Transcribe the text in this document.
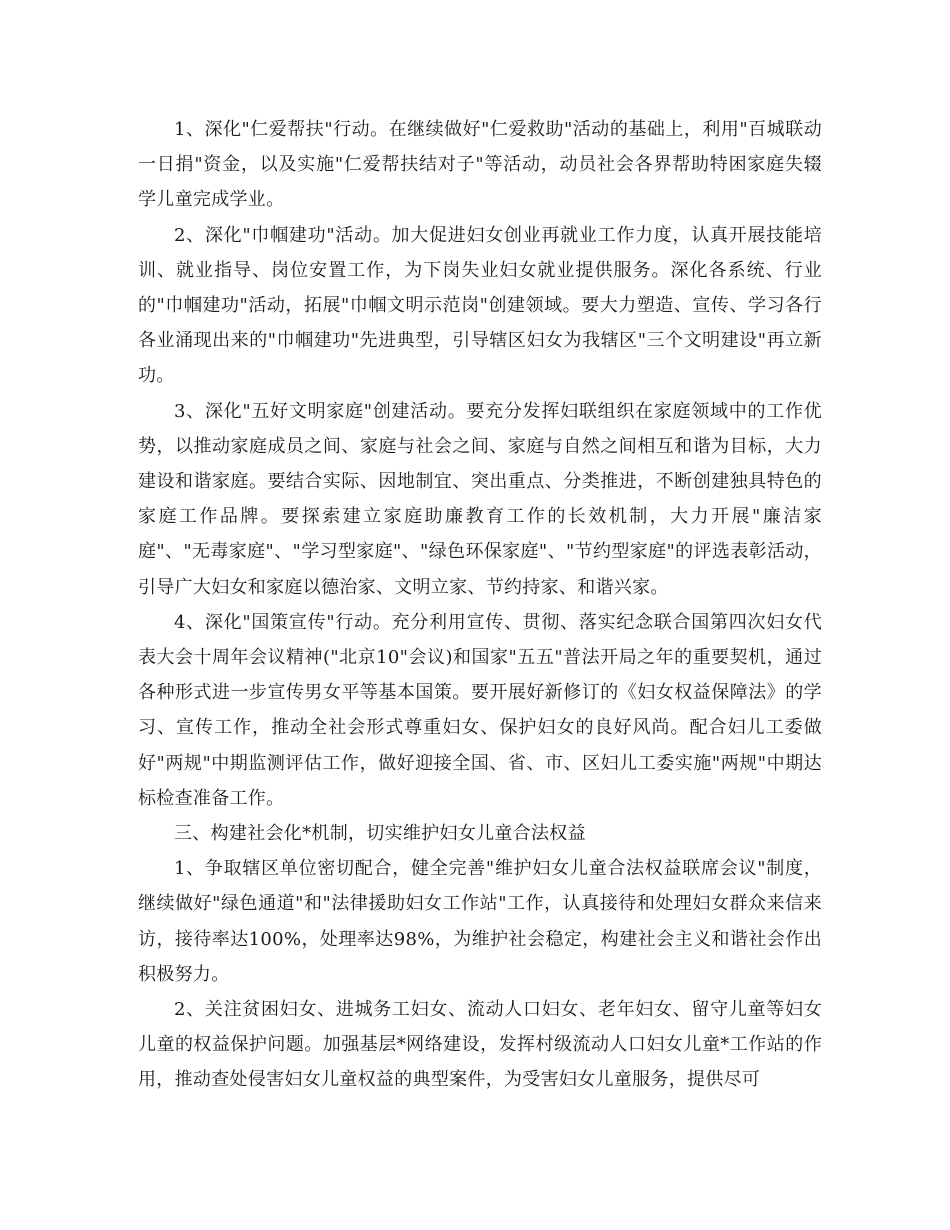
1、深化"仁爱帮扶"行动。在继续做好"仁爱救助"活动的基础上，利用"百城联动一日捐"资金，以及实施"仁爱帮扶结对子"等活动，动员社会各界帮助特困家庭失辍学儿童完成学业。

2、深化"巾帼建功"活动。加大促进妇女创业再就业工作力度，认真开展技能培训、就业指导、岗位安置工作，为下岗失业妇女就业提供服务。深化各系统、行业的"巾帼建功"活动，拓展"巾帼文明示范岗"创建领域。要大力塑造、宣传、学习各行各业涌现出来的"巾帼建功"先进典型，引导辖区妇女为我辖区"三个文明建设"再立新功。

3、深化"五好文明家庭"创建活动。要充分发挥妇联组织在家庭领域中的工作优势，以推动家庭成员之间、家庭与社会之间、家庭与自然之间相互和谐为目标，大力建设和谐家庭。要结合实际、因地制宜、突出重点、分类推进，不断创建独具特色的家庭工作品牌。要探索建立家庭助廉教育工作的长效机制，大力开展"廉洁家庭"、"无毒家庭"、"学习型家庭"、"绿色环保家庭"、"节约型家庭"的评选表彰活动，引导广大妇女和家庭以德治家、文明立家、节约持家、和谐兴家。

4、深化"国策宣传"行动。充分利用宣传、贯彻、落实纪念联合国第四次妇女代表大会十周年会议精神("北京10"会议)和国家"五五"普法开局之年的重要契机，通过各种形式进一步宣传男女平等基本国策。要开展好新修订的《妇女权益保障法》的学习、宣传工作，推动全社会形式尊重妇女、保护妇女的良好风尚。配合妇儿工委做好"两规"中期监测评估工作，做好迎接全国、省、市、区妇儿工委实施"两规"中期达标检查准备工作。

三、构建社会化*机制，切实维护妇女儿童合法权益

1、争取辖区单位密切配合，健全完善"维护妇女儿童合法权益联席会议"制度，继续做好"绿色通道"和"法律援助妇女工作站"工作，认真接待和处理妇女群众来信来访，接待率达100%，处理率达98%，为维护社会稳定，构建社会主义和谐社会作出积极努力。

2、关注贫困妇女、进城务工妇女、流动人口妇女、老年妇女、留守儿童等妇女儿童的权益保护问题。加强基层*网络建设，发挥村级流动人口妇女儿童*工作站的作用，推动查处侵害妇女儿童权益的典型案件，为受害妇女儿童服务，提供尽可
